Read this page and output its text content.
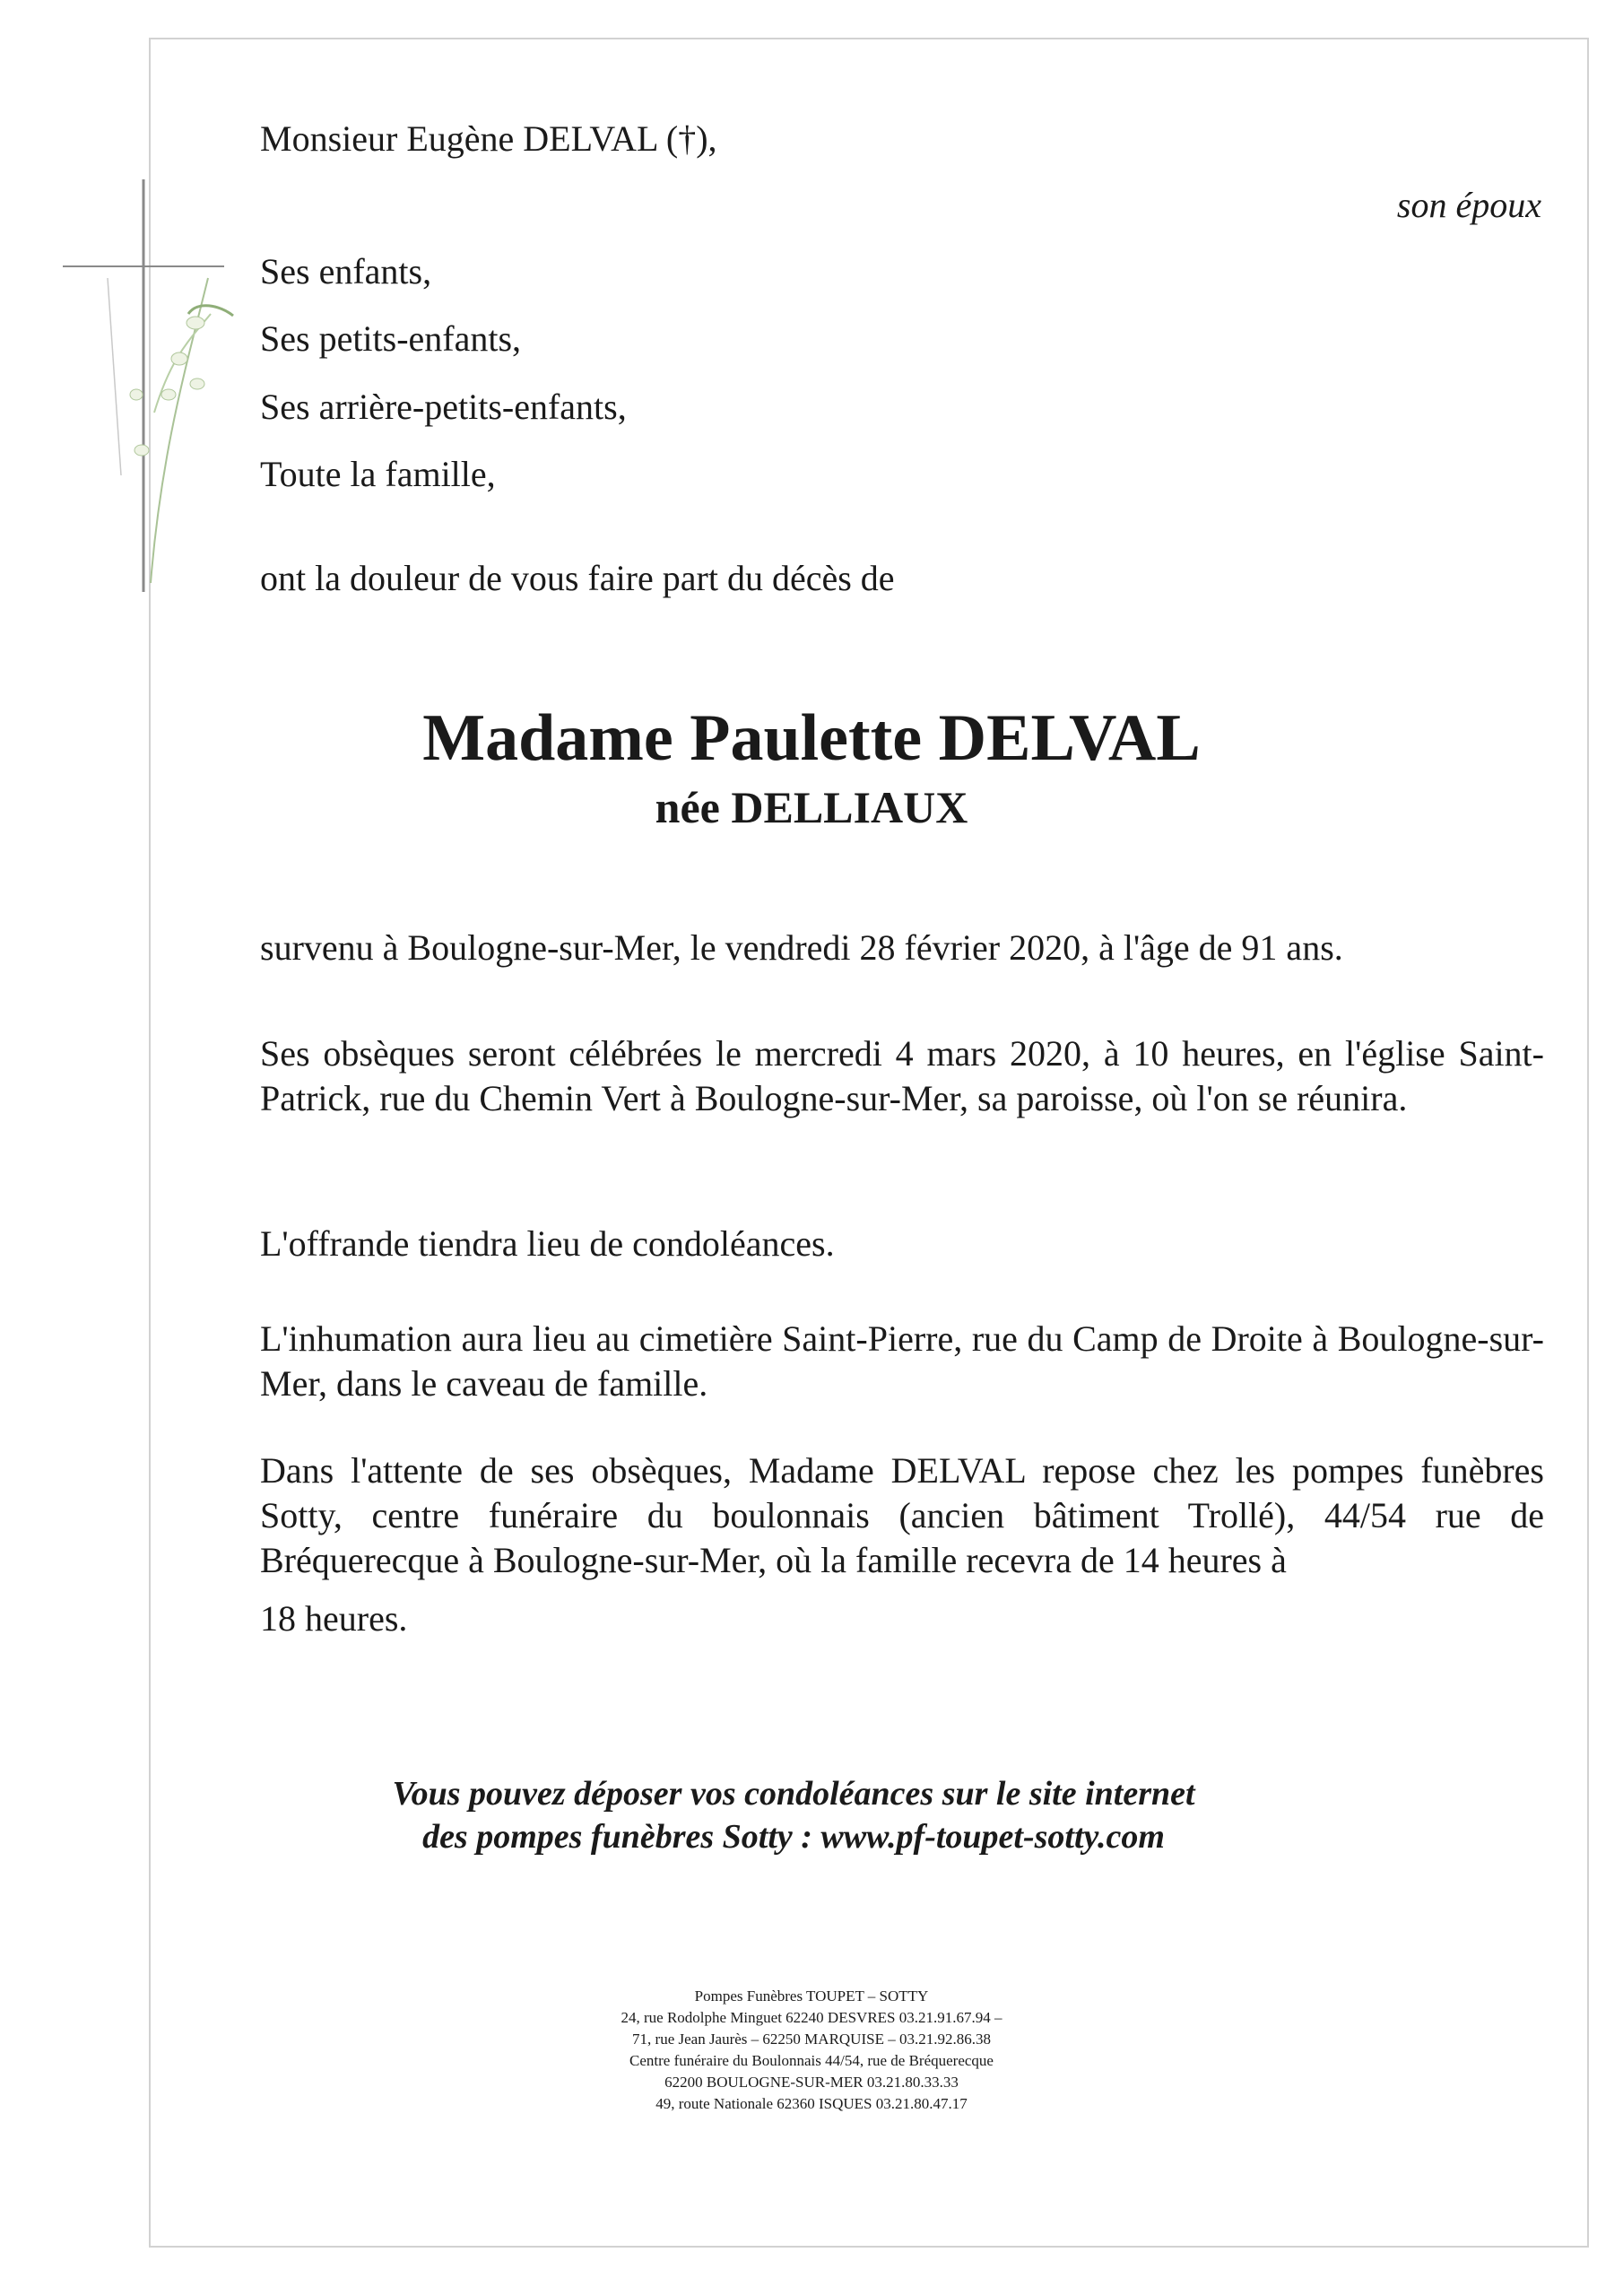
Monsieur Eugène DELVAL (†),
son époux
Ses enfants,
Ses petits-enfants,
Ses arrière-petits-enfants,
Toute la famille,
ont la douleur de vous faire part du décès de
Madame Paulette DELVAL
née DELLIAUX
survenu à Boulogne-sur-Mer, le vendredi 28 février 2020, à l'âge de 91 ans.
Ses obsèques seront célébrées le mercredi 4 mars 2020, à 10 heures, en l'église Saint-Patrick, rue du Chemin Vert à Boulogne-sur-Mer, sa paroisse, où l'on se réunira.
L'offrande tiendra lieu de condoléances.
L'inhumation aura lieu au cimetière Saint-Pierre, rue du Camp de Droite à Boulogne-sur-Mer, dans le caveau de famille.
Dans l'attente de ses obsèques, Madame DELVAL repose chez les pompes funèbres Sotty, centre funéraire du boulonnais (ancien bâtiment Trollé), 44/54 rue de Bréquerecque à Boulogne-sur-Mer, où la famille recevra de 14 heures à
18 heures.
Vous pouvez déposer vos condoléances sur le site internet
des pompes funèbres Sotty : www.pf-toupet-sotty.com
Pompes Funèbres TOUPET – SOTTY
24, rue Rodolphe Minguet 62240 DESVRES 03.21.91.67.94 –
71, rue Jean Jaurès – 62250 MARQUISE – 03.21.92.86.38
Centre funéraire du Boulonnais 44/54, rue de Bréquerecque
62200 BOULOGNE-SUR-MER 03.21.80.33.33
49, route Nationale 62360 ISQUES 03.21.80.47.17
